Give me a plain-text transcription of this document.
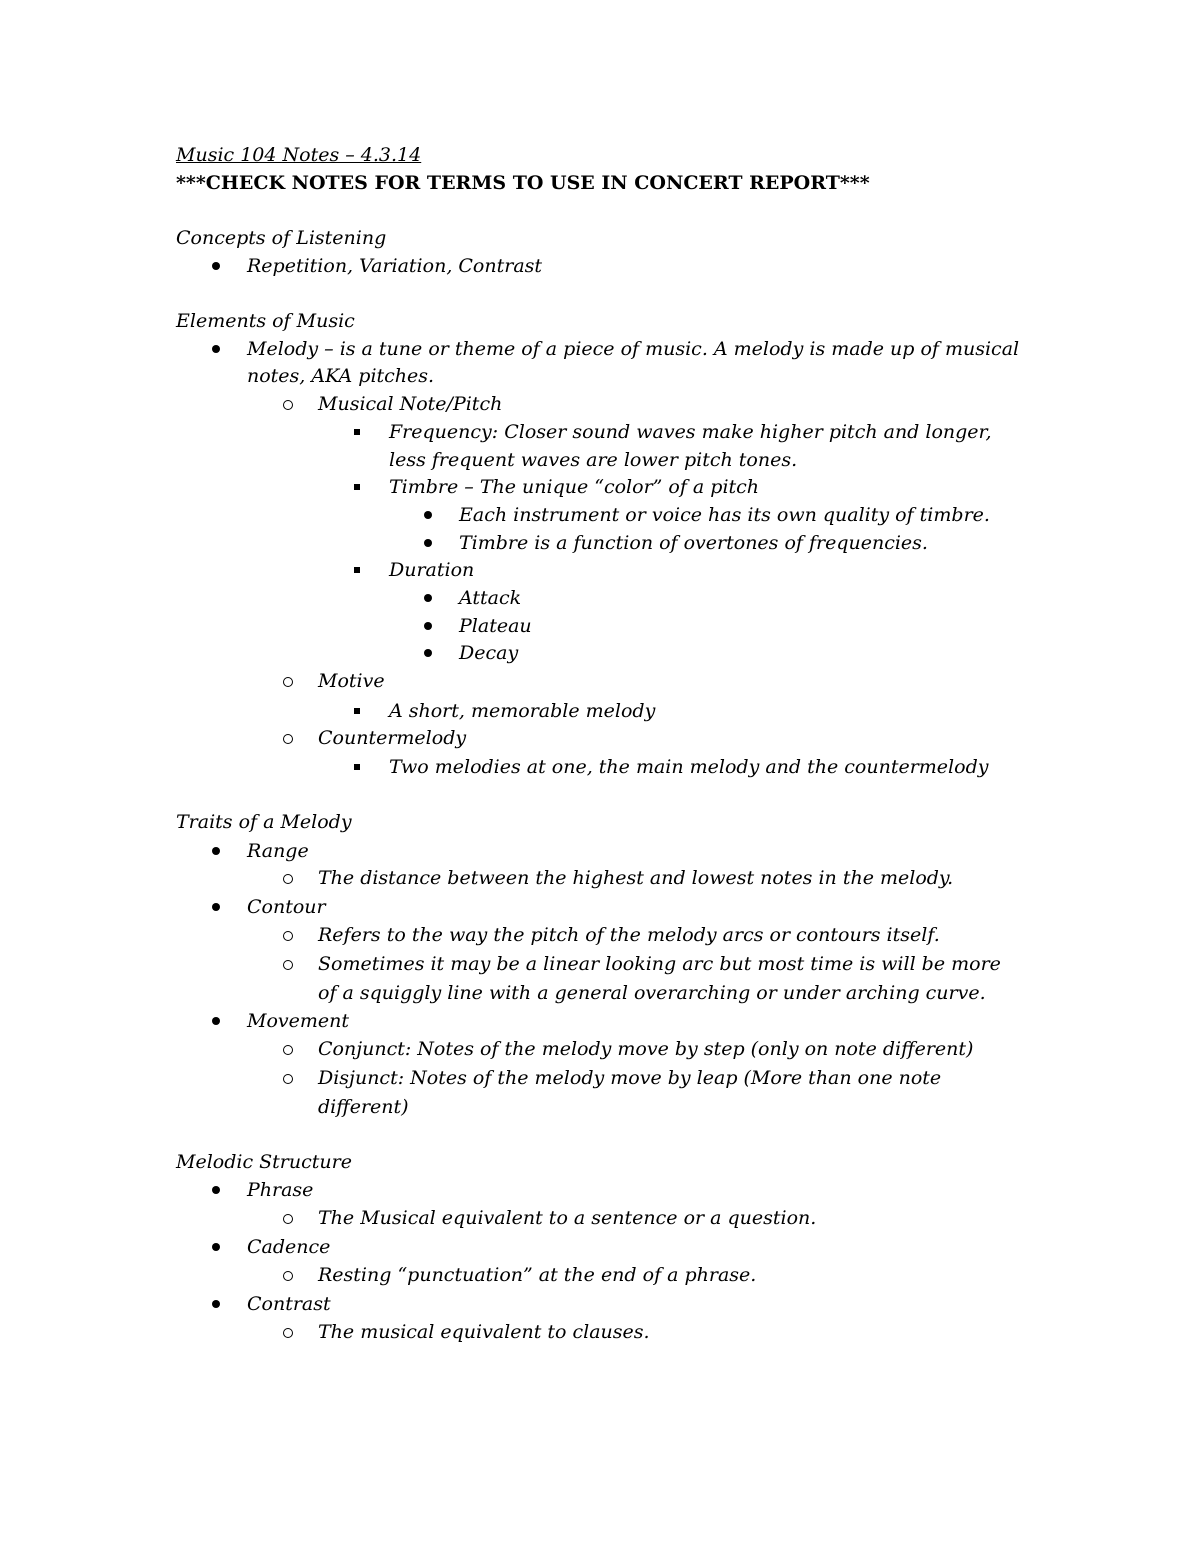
Music 104 Notes – 4.3.14
***CHECK NOTES FOR TERMS TO USE IN CONCERT REPORT***
Concepts of Listening
Repetition, Variation, Contrast
Elements of Music
Melody – is a tune or theme of a piece of music. A melody is made up of musical
notes, AKA pitches.
Musical Note/Pitch
Frequency: Closer sound waves make higher pitch and longer,
less frequent waves are lower pitch tones.
Timbre – The unique “color” of a pitch
Each instrument or voice has its own quality of timbre.
Timbre is a function of overtones of frequencies.
Duration
Attack
Plateau
Decay
Motive
A short, memorable melody
Countermelody
Two melodies at one, the main melody and the countermelody
Traits of a Melody
Range
The distance between the highest and lowest notes in the melody.
Contour
Refers to the way the pitch of the melody arcs or contours itself.
Sometimes it may be a linear looking arc but most time is will be more
of a squiggly line with a general overarching or under arching curve.
Movement
Conjunct: Notes of the melody move by step (only on note different)
Disjunct: Notes of the melody move by leap (More than one note
different)
Melodic Structure
Phrase
The Musical equivalent to a sentence or a question.
Cadence
Resting “punctuation” at the end of a phrase.
Contrast
The musical equivalent to clauses.
